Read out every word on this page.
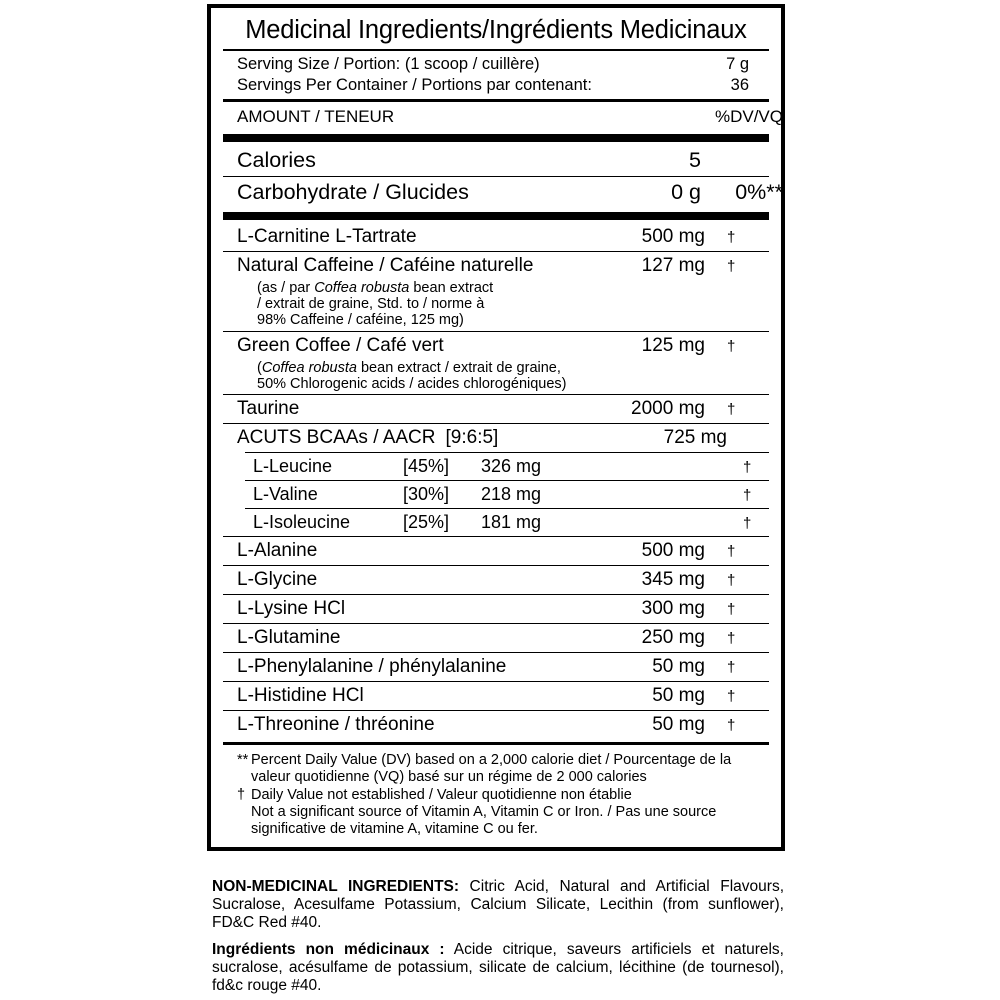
Medicinal Ingredients/Ingrédients Medicinaux
Serving Size / Portion: (1 scoop / cuillère)	7 g
Servings Per Container / Portions par contenant:	36
AMOUNT / TENEUR	%DV/VQ
Calories	5
Carbohydrate / Glucides	0 g	0%**
L-Carnitine L-Tartrate	500 mg	†
Natural Caffeine / Caféine naturelle	127 mg	†
(as / par Coffea robusta bean extract
/ extrait de graine, Std. to / norme à
98% Caffeine / caféine, 125 mg)
Green Coffee / Café vert	125 mg	†
(Coffea robusta bean extract / extrait de graine,
50% Chlorogenic acids / acides chlorogéniques)
Taurine	2000 mg	†
ACUTS BCAAs / AACR [9:6:5]	725 mg
L-Leucine	[45%]	326 mg	†
L-Valine	[30%]	218 mg	†
L-Isoleucine	[25%]	181 mg	†
L-Alanine	500 mg	†
L-Glycine	345 mg	†
L-Lysine HCl	300 mg	†
L-Glutamine	250 mg	†
L-Phenylalanine / phénylalanine	50 mg	†
L-Histidine HCl	50 mg	†
L-Threonine / thréonine	50 mg	†
** Percent Daily Value (DV) based on a 2,000 calorie diet / Pourcentage de la valeur quotidienne (VQ) basé sur un régime de 2 000 calories
† Daily Value not established / Valeur quotidienne non établie
Not a significant source of Vitamin A, Vitamin C or Iron. / Pas une source significative de vitamine A, vitamine C ou fer.
NON-MEDICINAL INGREDIENTS: Citric Acid, Natural and Artificial Flavours, Sucralose, Acesulfame Potassium, Calcium Silicate, Lecithin (from sunflower), FD&C Red #40.
Ingrédients non médicinaux : Acide citrique, saveurs artificiels et naturels, sucralose, acésulfame de potassium, silicate de calcium, lécithine (de tournesol), fd&c rouge #40.
